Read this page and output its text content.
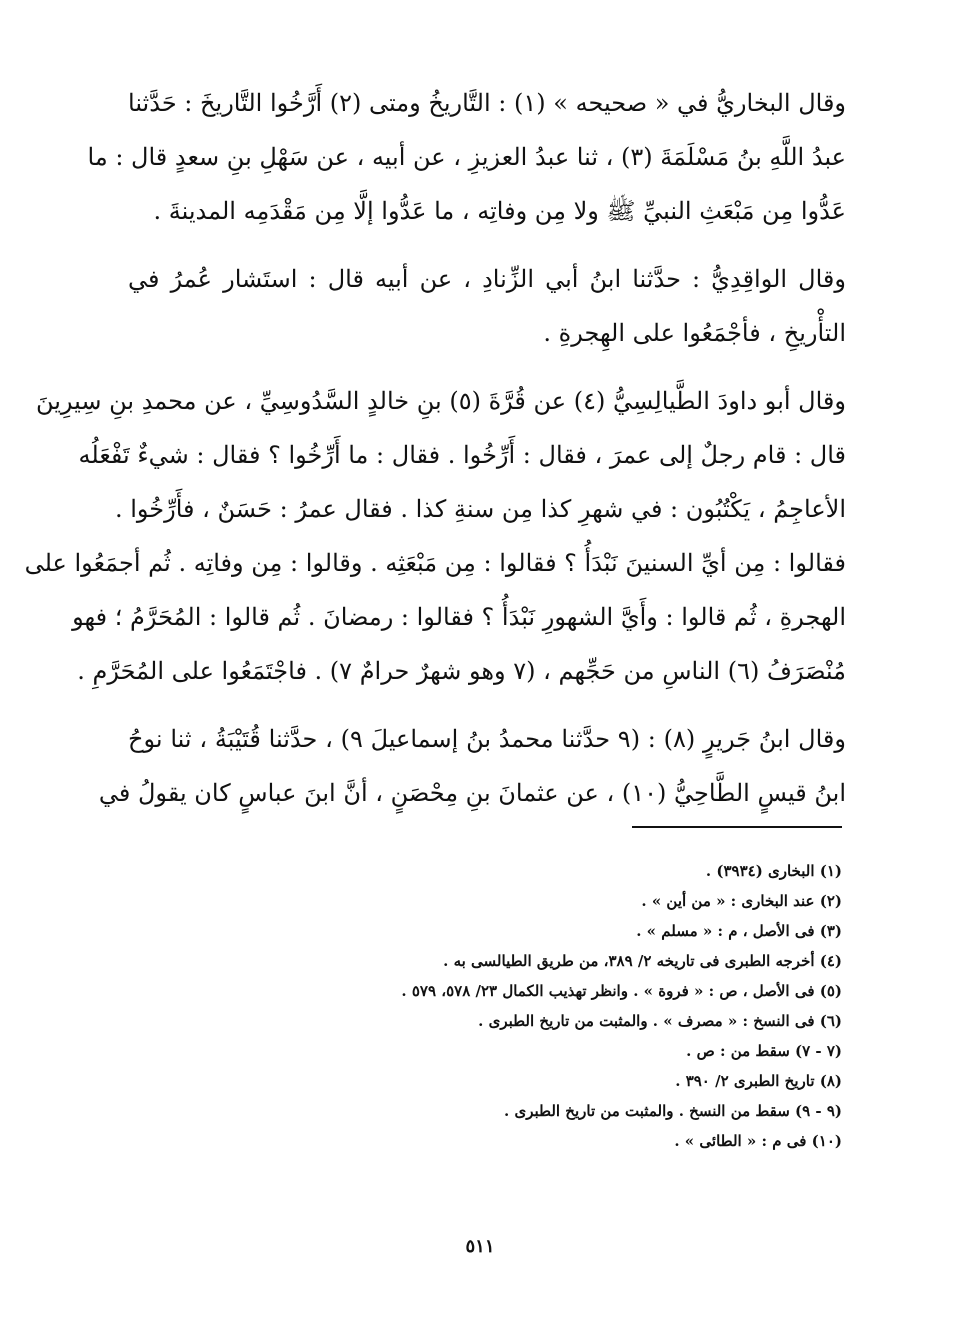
وقال البخاريُّ في « صحيحه » (١) : التَّاريخُ ومتى (٢) أَرَّخُوا التَّاريخَ : حَدَّثنا
عبدُ اللَّهِ بنُ مَسْلَمَةَ (٣) ، ثنا عبدُ العزيزِ ، عن أبيه ، عن سَهْلِ بنِ سعدٍ قال : ما
عَدُّوا مِن مَبْعَثِ النبيِّ ﷺ ولا مِن وفاتِه ، ما عَدُّوا إلَّا مِن مَقْدَمِه المدينةَ .
وقال الواقِدِيُّ : حدَّثنا ابنُ أبي الزِّنادِ ، عن أبيه قال : استَشار عُمرُ في
التأْريخِ ، فأجْمَعُوا على الهِجرةِ .
وقال أبو داودَ الطَّيالِسِيُّ (٤) عن قُرَّةَ (٥) بنِ خالدٍ السَّدُوسِيِّ ، عن محمدِ بنِ سِيرِينَ
قال : قام رجلٌ إلى عمرَ ، فقال : أَرِّخُوا . فقال : ما أَرِّخُوا ؟ فقال : شيءٌ تَفْعَلُه
الأعاجِمُ ، يَكْتُبُون : في شهرِ كذا مِن سنةِ كذا . فقال عمرُ : حَسَنٌ ، فأَرِّخُوا .
فقالوا : مِن أيِّ السنينَ نَبْدَأُ ؟ فقالوا : مِن مَبْعَثِه . وقالوا : مِن وفاتِه . ثُم أجمَعُوا على
الهجرةِ ، ثُم قالوا : وأَيَّ الشهورِ نَبْدَأُ ؟ فقالوا : رمضانَ . ثُم قالوا : المُحَرَّمُ ؛ فهو
مُنْصَرَفُ (٦) الناسِ من حَجِّهم ، (٧ وهو شهرٌ حرامٌ ٧) . فاجْتَمَعُوا على المُحَرَّمِ .
وقال ابنُ جَريرٍ (٨) : (٩ حدَّثنا محمدُ بنُ إسماعيلَ ٩) ، حدَّثنا قُتَيْبَةُ ، ثنا نوحُ
ابنُ قيسٍ الطَّاحِيُّ (١٠) ، عن عثمانَ بنِ مِحْصَنٍ ، أنَّ ابنَ عباسٍ كان يقولُ في
(١) البخارى (٣٩٣٤) .
(٢) عند البخارى : « من أين » .
(٣) فى الأصل ، م : « مسلم » .
(٤) أخرجه الطبرى فى تاريخه ٢/ ٣٨٩، من طريق الطيالسى به .
(٥) فى الأصل ، ص : « فروة » . وانظر تهذيب الكمال ٢٣/ ٥٧٨، ٥٧٩ .
(٦) فى النسخ : « مصرف » . والمثبت من تاريخ الطبرى .
(٧ - ٧) سقط من : ص .
(٨) تاريخ الطبرى ٢/ ٣٩٠ .
(٩ - ٩) سقط من النسخ . والمثبت من تاريخ الطبرى .
(١٠) فى م : « الطائى » .
٥١١
